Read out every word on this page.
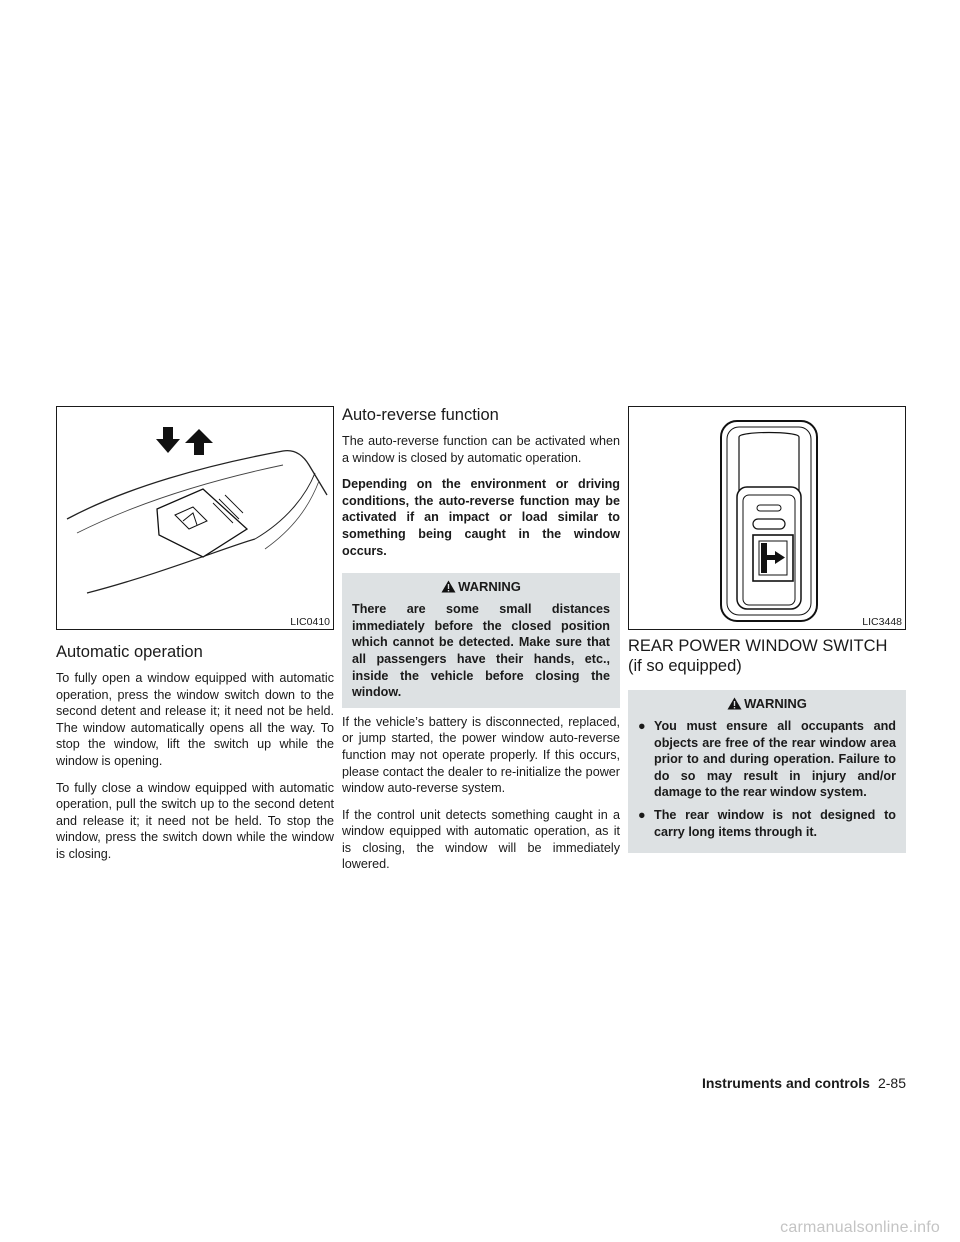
LIC0410
Automatic operation

To fully open a window equipped with automatic operation, press the window switch down to the second detent and release it; it need not be held. The window automatically opens all the way. To stop the window, lift the switch up while the window is opening.

To fully close a window equipped with automatic operation, pull the switch up to the second detent and release it; it need not be held. To stop the window, press the switch down while the window is closing.

Auto-reverse function

The auto-reverse function can be activated when a window is closed by automatic operation.

Depending on the environment or driving conditions, the auto-reverse function may be activated if an impact or load similar to something being caught in the window occurs.

WARNING

There are some small distances immediately before the closed position which cannot be detected. Make sure that all passengers have their hands, etc., inside the vehicle before closing the window.

If the vehicle’s battery is disconnected, replaced, or jump started, the power window auto-reverse function may not operate properly. If this occurs, please contact the dealer to re-initialize the power window auto-reverse system.

If the control unit detects something caught in a window equipped with automatic operation, as it is closing, the window will be immediately lowered.

LIC3448
REAR POWER WINDOW SWITCH
(if so equipped)
WARNING
● You must ensure all occupants and objects are free of the rear window area prior to and during operation. Failure to do so may result in injury and/or damage to the rear window system.
● The rear window is not designed to carry long items through it.
Instruments and controls 2-85
carmanualsonline.info
